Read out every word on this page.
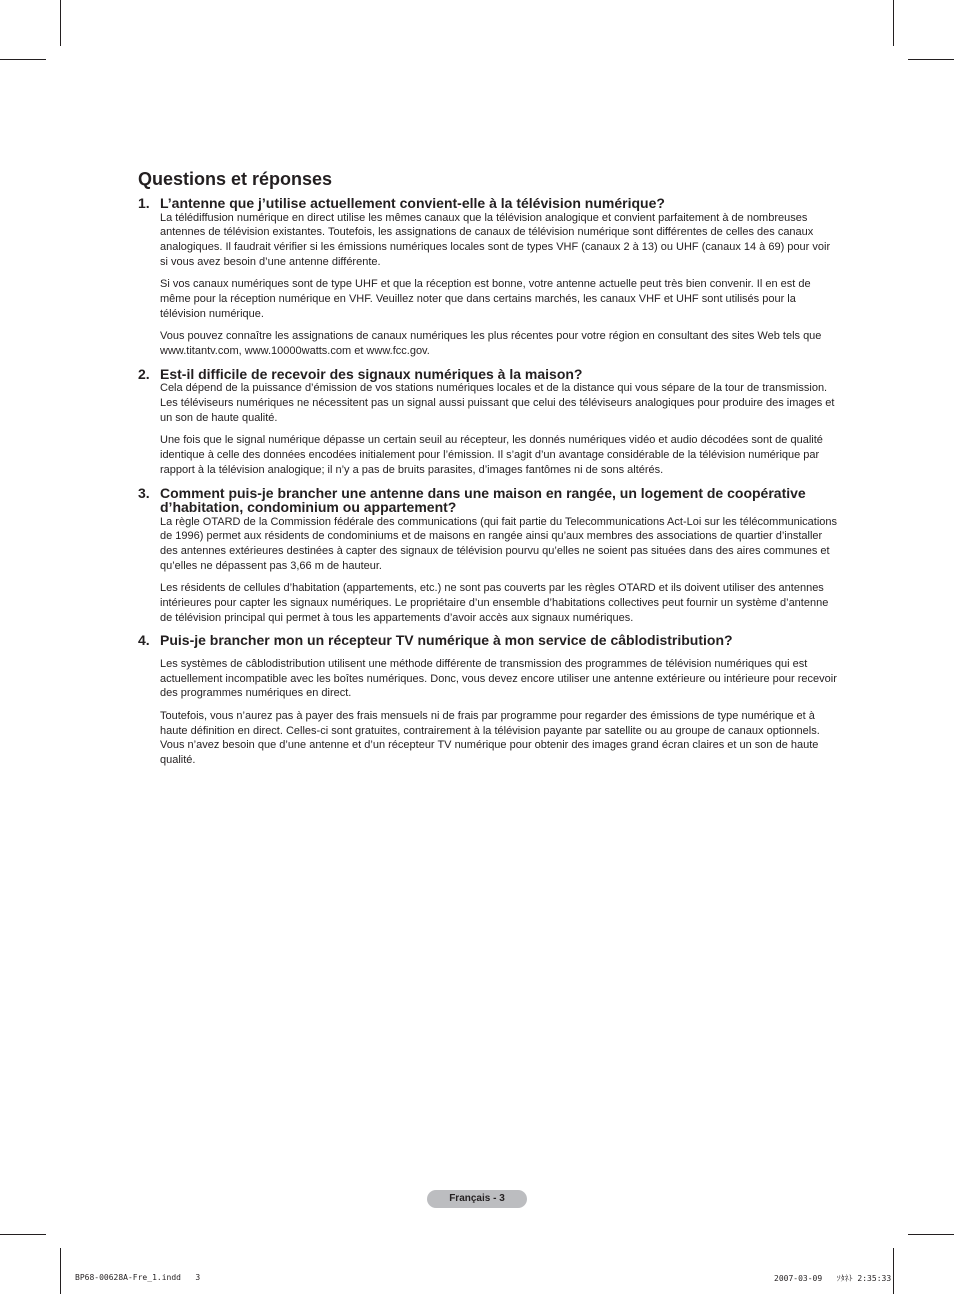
Questions et réponses
1. L’antenne que j’utilise actuellement convient-elle à la télévision numérique?

La télédiffusion numérique en direct utilise les mêmes canaux que la télévision analogique et convient parfaitement à de nombreuses antennes de télévision existantes. Toutefois, les assignations de canaux de télévision numérique sont différentes de celles des canaux analogiques. Il faudrait vérifier si les émissions numériques locales sont de types VHF (canaux 2 à 13) ou UHF (canaux 14 à 69) pour voir si vous avez besoin d’une antenne différente.

Si vos canaux numériques sont de type UHF et que la réception est bonne, votre antenne actuelle peut très bien convenir. Il en est de même pour la réception numérique en VHF. Veuillez noter que dans certains marchés, les canaux VHF et UHF sont utilisés pour la télévision numérique.

Vous pouvez connaître les assignations de canaux numériques les plus récentes pour votre région en consultant des sites Web tels que www.titantv.com, www.10000watts.com et www.fcc.gov.

2. Est-il difficile de recevoir des signaux numériques à la maison?

Cela dépend de la puissance d’émission de vos stations numériques locales et de la distance qui vous sépare de la tour de transmission. Les téléviseurs numériques ne nécessitent pas un signal aussi puissant que celui des téléviseurs analogiques pour produire des images et un son de haute qualité.

Une fois que le signal numérique dépasse un certain seuil au récepteur, les donnés numériques vidéo et audio décodées sont de qualité identique à celle des données encodées initialement pour l’émission. Il s’agit d’un avantage considérable de la télévision numérique par rapport à la télévision analogique; il n’y a pas de bruits parasites, d’images fantômes ni de sons altérés.

3. Comment puis-je brancher une antenne dans une maison en rangée, un logement de coopérative d’habitation, condominium ou appartement?

La règle OTARD de la Commission fédérale des communications (qui fait partie du Telecommunications Act-Loi sur les télécommunications de 1996) permet aux résidents de condominiums et de maisons en rangée ainsi qu’aux membres des associations de quartier d’installer des antennes extérieures destinées à capter des signaux de télévision pourvu qu’elles ne soient pas situées dans des aires communes et qu’elles ne dépassent pas 3,66 m de hauteur.

Les résidents de cellules d’habitation (appartements, etc.) ne sont pas couverts par les règles OTARD et ils doivent utiliser des antennes intérieures pour capter les signaux numériques. Le propriétaire d’un ensemble d’habitations collectives peut fournir un système d’antenne de télévision principal qui permet à tous les appartements d’avoir accès aux signaux numériques.

4. Puis-je brancher mon un récepteur TV numérique à mon service de câblodistribution?

Les systèmes de câblodistribution utilisent une méthode différente de transmission des programmes de télévision numériques qui est actuellement incompatible avec les boîtes numériques. Donc, vous devez encore utiliser une antenne extérieure ou intérieure pour recevoir des programmes numériques en direct.

Toutefois, vous n’aurez pas à payer des frais mensuels ni de frais par programme pour regarder des émissions de type numérique et à haute définition en direct. Celles-ci sont gratuites, contrairement à la télévision payante par satellite ou au groupe de canaux optionnels. Vous n’avez besoin que d’une antenne et d’un récepteur TV numérique pour obtenir des images grand écran claires et un son de haute qualité.

Français - 3
BP68-00628A-Fre_1.indd   3	2007-03-09   ｿﾀﾈﾄ 2:35:33
